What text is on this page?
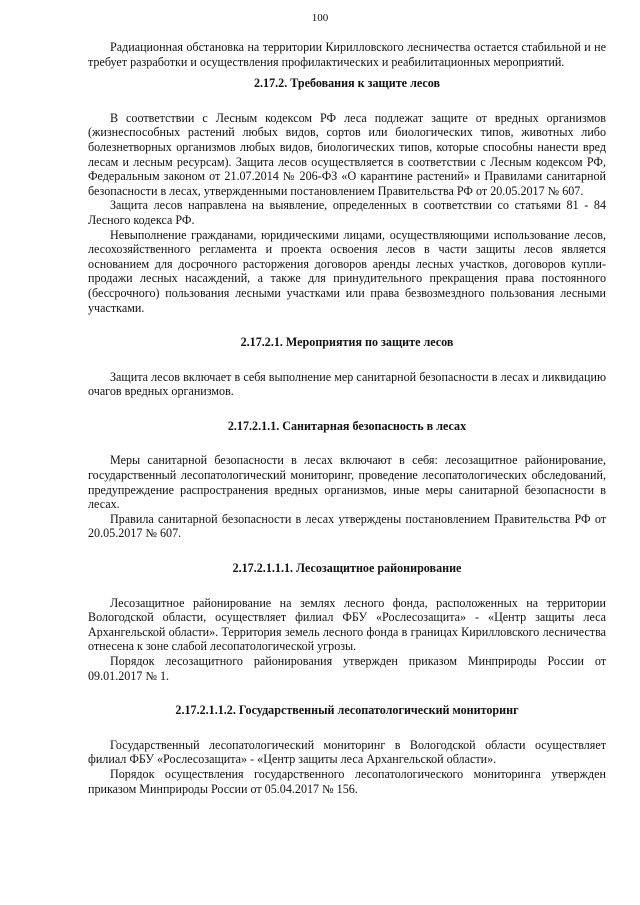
100

Радиационная обстановка на территории Кирилловского лесничества остается стабильной и не требует разработки и осуществления профилактических и реабилитационных мероприятий.

2.17.2. Требования к защите лесов

В соответствии с Лесным кодексом РФ леса подлежат защите от вредных организмов (жизнеспособных растений любых видов, сортов или биологических типов, животных либо болезнетворных организмов любых видов, биологических типов, которые способны нанести вред лесам и лесным ресурсам). Защита лесов осуществляется в соответствии с Лесным кодексом РФ, Федеральным законом от 21.07.2014 № 206-ФЗ «О карантине растений» и Правилами санитарной безопасности в лесах, утвержденными постановлением Правительства РФ от 20.05.2017 № 607.

Защита лесов направлена на выявление, определенных в соответствии со статьями 81 - 84 Лесного кодекса РФ.

Невыполнение гражданами, юридическими лицами, осуществляющими использование лесов, лесохозяйственного регламента и проекта освоения лесов в части защиты лесов является основанием для досрочного расторжения договоров аренды лесных участков, договоров купли-продажи лесных насаждений, а также для принудительного прекращения права постоянного (бессрочного) пользования лесными участками или права безвозмездного пользования лесными участками.

2.17.2.1. Мероприятия по защите лесов

Защита лесов включает в себя выполнение мер санитарной безопасности в лесах и ликвидацию очагов вредных организмов.

2.17.2.1.1. Санитарная безопасность в лесах

Меры санитарной безопасности в лесах включают в себя: лесозащитное районирование, государственный лесопатологический мониторинг, проведение лесопатологических обследований, предупреждение распространения вредных организмов, иные меры санитарной безопасности в лесах.

Правила санитарной безопасности в лесах утверждены постановлением Правительства РФ от 20.05.2017 № 607.

2.17.2.1.1.1. Лесозащитное районирование

Лесозащитное районирование на землях лесного фонда, расположенных на территории Вологодской области, осуществляет филиал ФБУ «Рослесозащита» - «Центр защиты леса Архангельской области». Территория земель лесного фонда в границах Кирилловского лесничества отнесена к зоне слабой лесопатологической угрозы.

Порядок лесозащитного районирования утвержден приказом Минприроды России от 09.01.2017 № 1.

2.17.2.1.1.2. Государственный лесопатологический мониторинг

Государственный лесопатологический мониторинг в Вологодской области осуществляет филиал ФБУ «Рослесозащита» - «Центр защиты леса Архангельской области».

Порядок осуществления государственного лесопатологического мониторинга утвержден приказом Минприроды России от 05.04.2017 № 156.
